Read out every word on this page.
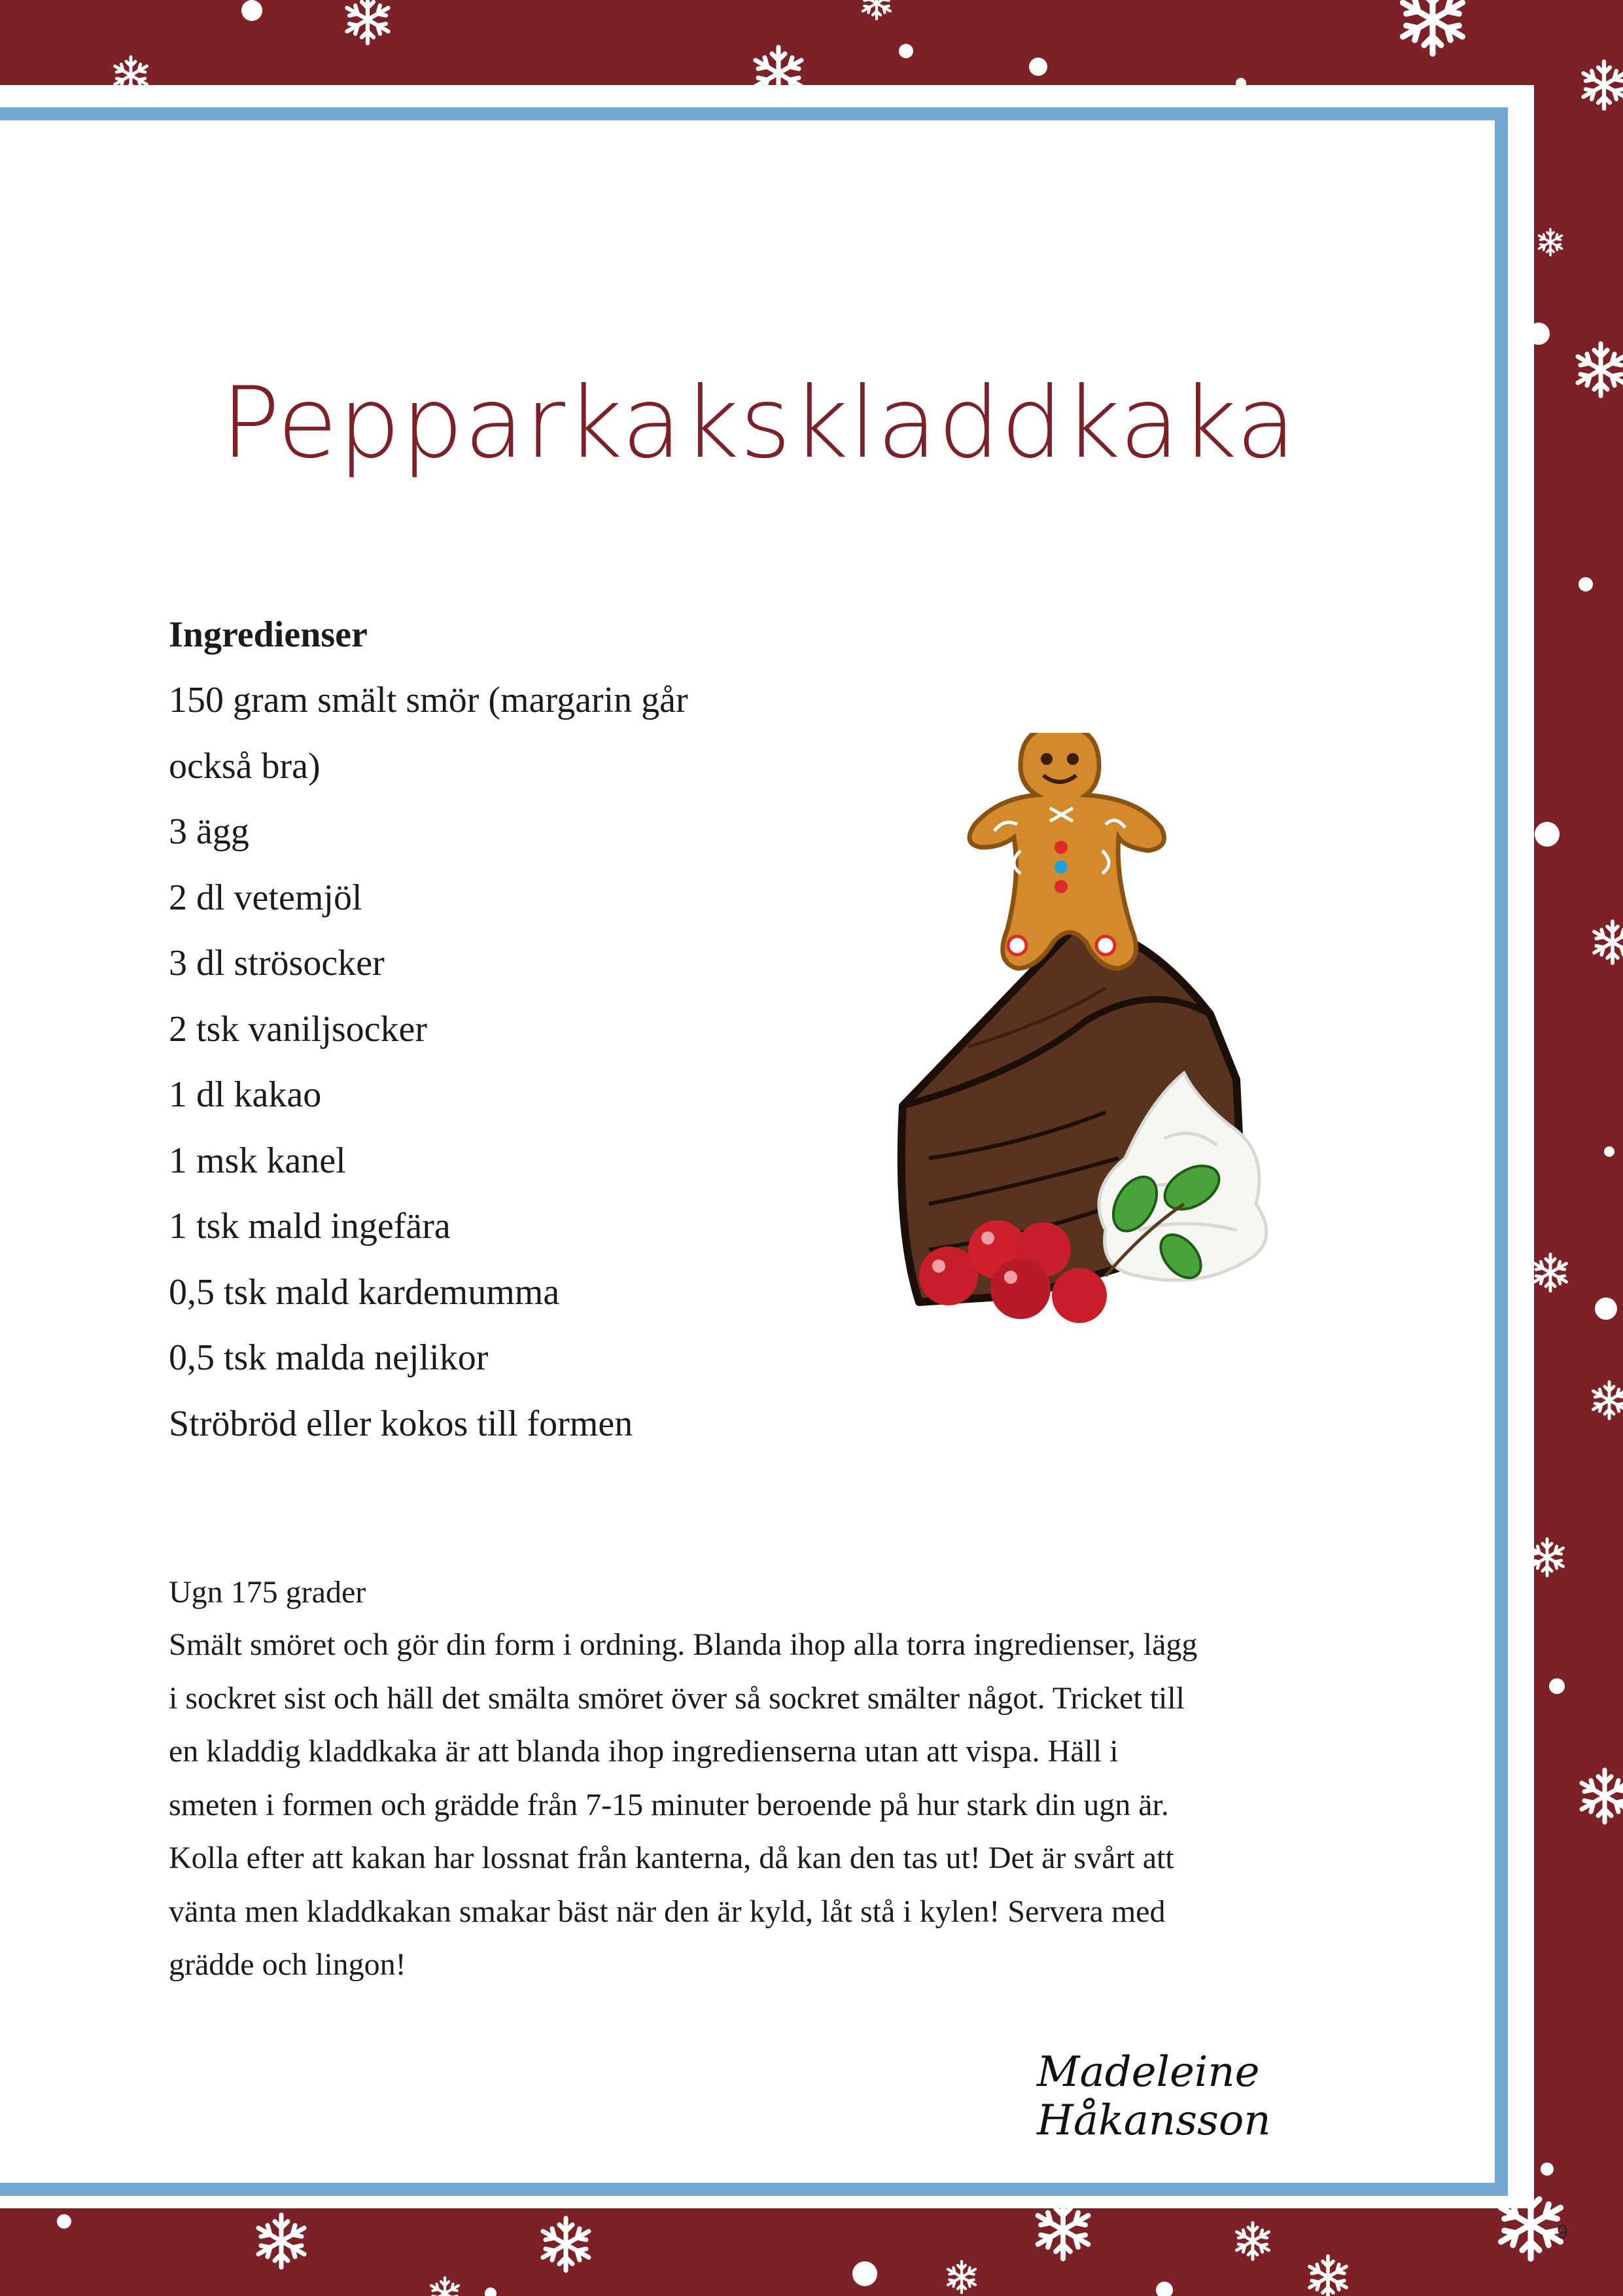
Pepparkakskladdkaka
Ingredienser
150 gram smält smör (margarin går
också bra)
3 ägg
2 dl vetemjöl
3 dl strösocker
2 tsk vaniljsocker
1 dl kakao
1 msk kanel
1 tsk mald ingefära
0,5 tsk mald kardemumma
0,5 tsk malda nejlikor
Ströbröd eller kokos till formen
Ugn 175 grader
Smält smöret och gör din form i ordning. Blanda ihop alla torra ingredienser, lägg
i sockret sist och häll det smälta smöret över så sockret smälter något. Tricket till
en kladdig kladdkaka är att blanda ihop ingredienserna utan att vispa. Häll i
smeten i formen och grädde från 7-15 minuter beroende på hur stark din ugn är.
Kolla efter att kakan har lossnat från kanterna, då kan den tas ut! Det är svårt att
vänta men kladdkakan smakar bäst när den är kyld, låt stå i kylen! Servera med
grädde och lingon!
Madeleine Håkansson
9
